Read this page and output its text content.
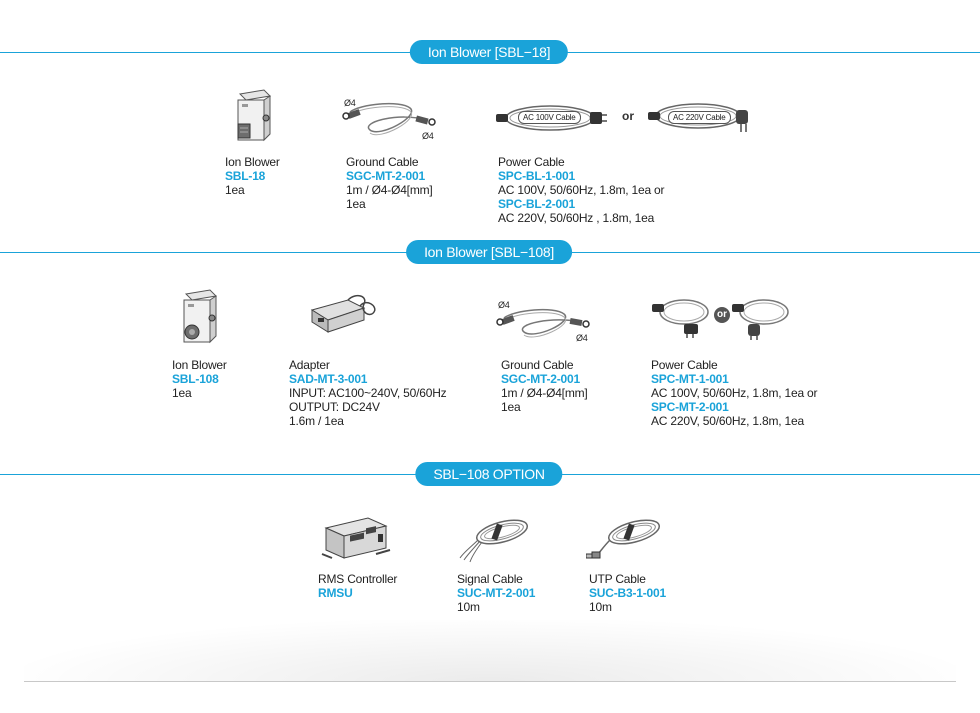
Ion Blower [SBL−18]
Ø4
Ø4
AC 100V Cable	or	AC 220V Cable
Ion Blower
SBL-18
1ea
Ground Cable
SGC-MT-2-001
1m / Ø4-Ø4[mm]
1ea
Power Cable
SPC-BL-1-001
AC 100V, 50/60Hz, 1.8m, 1ea or
SPC-BL-2-001
AC 220V, 50/60Hz , 1.8m, 1ea
Ion Blower [SBL−108]
Ø4
Ø4
or
Ion Blower
SBL-108
1ea
Adapter
SAD-MT-3-001
INPUT: AC100~240V, 50/60Hz
OUTPUT: DC24V
1.6m / 1ea
Ground Cable
SGC-MT-2-001
1m / Ø4-Ø4[mm]
1ea
Power Cable
SPC-MT-1-001
AC 100V, 50/60Hz, 1.8m, 1ea or
SPC-MT-2-001
AC 220V, 50/60Hz, 1.8m, 1ea
SBL−108 OPTION
RMS Controller
RMSU
Signal Cable
SUC-MT-2-001
10m
UTP Cable
SUC-B3-1-001
10m
